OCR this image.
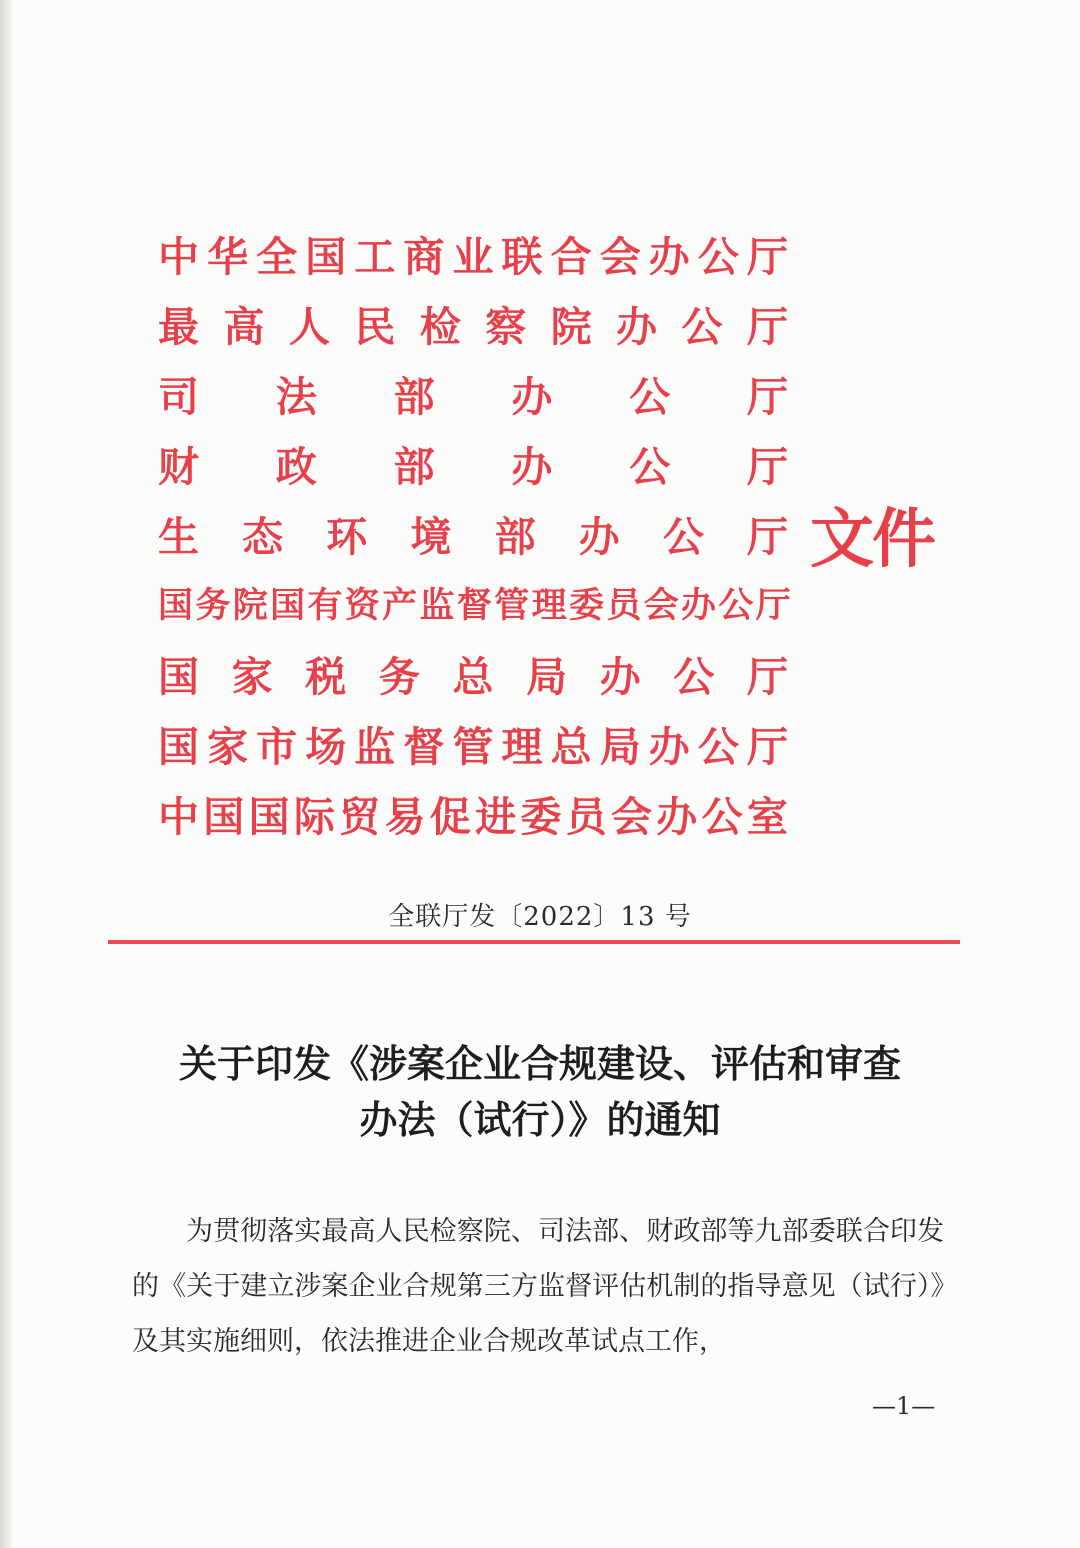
中 华 全 国 工 商 业 联 合 会 办 公 厅
最 高 人 民 检 察 院 办 公 厅
司 法 部 办 公 厅
财 政 部 办 公 厅
生 态 环 境 部 办 公 厅
国 务 院 国 有 资 产 监 督 管 理 委 员 会 办 公 厅
国 家 税 务 总 局 办 公 厅
国 家 市 场 监 督 管 理 总 局 办 公 厅
中 国 国 际 贸 易 促 进 委 员 会 办 公 室
文件
全联厅发〔2022〕13 号
关于印发《涉案企业合规建设、评估和审查
办法（试行）》的通知

为贯彻落实最高人民检察院、司法部、财政部等九部委联合印发的《关于建立涉案企业合规第三方监督评估机制的指导意见（试行）》及其实施细则，依法推进企业合规改革试点工作，

—1—
